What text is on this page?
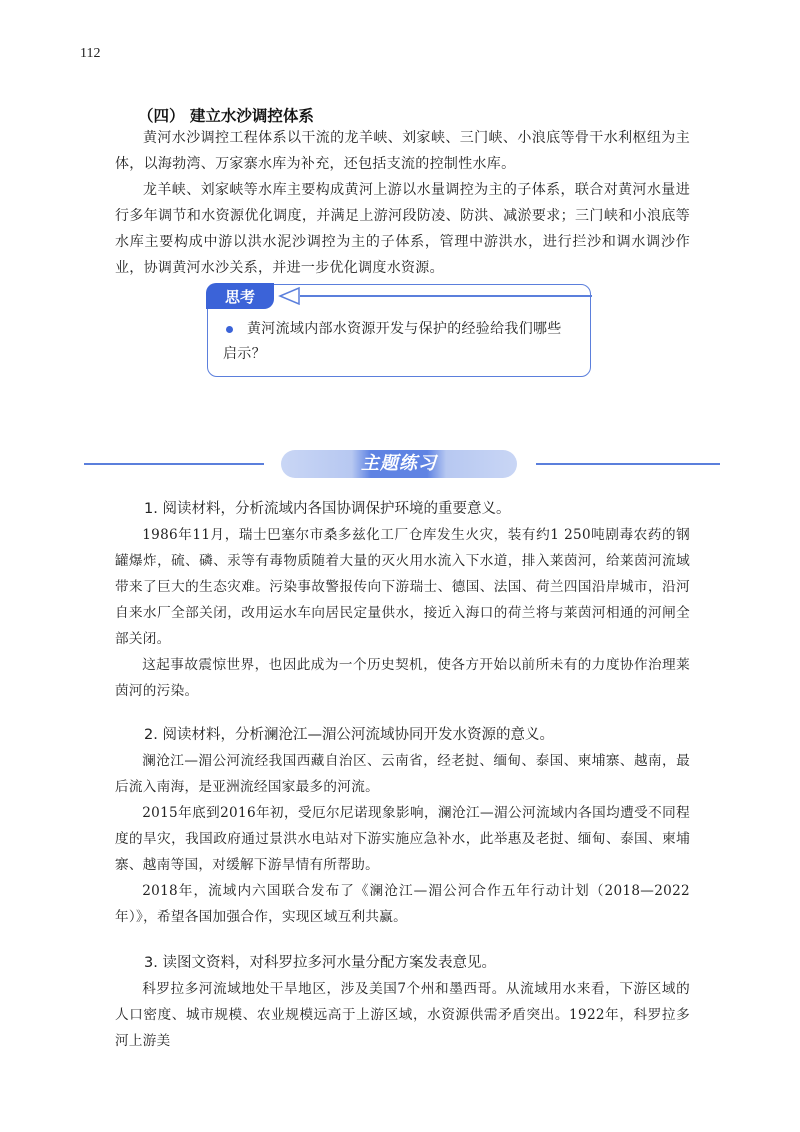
112
（四） 建立水沙调控体系

黄河水沙调控工程体系以干流的龙羊峡、刘家峡、三门峡、小浪底等骨干水利枢纽为主体，以海勃湾、万家寨水库为补充，还包括支流的控制性水库。

龙羊峡、刘家峡等水库主要构成黄河上游以水量调控为主的子体系，联合对黄河水量进行多年调节和水资源优化调度，并满足上游河段防凌、防洪、减淤要求；三门峡和小浪底等水库主要构成中游以洪水泥沙调控为主的子体系，管理中游洪水，进行拦沙和调水调沙作业，协调黄河水沙关系，并进一步优化调度水资源。

思考

黄河流域内部水资源开发与保护的经验给我们哪些启示？

主题练习

1. 阅读材料，分析流域内各国协调保护环境的重要意义。

1986年11月，瑞士巴塞尔市桑多兹化工厂仓库发生火灾，装有约1 250吨剧毒农药的钢罐爆炸，硫、磷、汞等有毒物质随着大量的灭火用水流入下水道，排入莱茵河，给莱茵河流域带来了巨大的生态灾难。污染事故警报传向下游瑞士、德国、法国、荷兰四国沿岸城市，沿河自来水厂全部关闭，改用运水车向居民定量供水，接近入海口的荷兰将与莱茵河相通的河闸全部关闭。

这起事故震惊世界，也因此成为一个历史契机，使各方开始以前所未有的力度协作治理莱茵河的污染。

2. 阅读材料，分析澜沧江—湄公河流域协同开发水资源的意义。

澜沧江—湄公河流经我国西藏自治区、云南省，经老挝、缅甸、泰国、柬埔寨、越南，最后流入南海，是亚洲流经国家最多的河流。

2015年底到2016年初，受厄尔尼诺现象影响，澜沧江—湄公河流域内各国均遭受不同程度的旱灾，我国政府通过景洪水电站对下游实施应急补水，此举惠及老挝、缅甸、泰国、柬埔寨、越南等国，对缓解下游旱情有所帮助。

2018年，流域内六国联合发布了《澜沧江—湄公河合作五年行动计划（2018—2022年）》，希望各国加强合作，实现区域互利共赢。

3. 读图文资料，对科罗拉多河水量分配方案发表意见。

科罗拉多河流域地处干旱地区，涉及美国7个州和墨西哥。从流域用水来看，下游区域的人口密度、城市规模、农业规模远高于上游区域，水资源供需矛盾突出。1922年，科罗拉多河上游美
